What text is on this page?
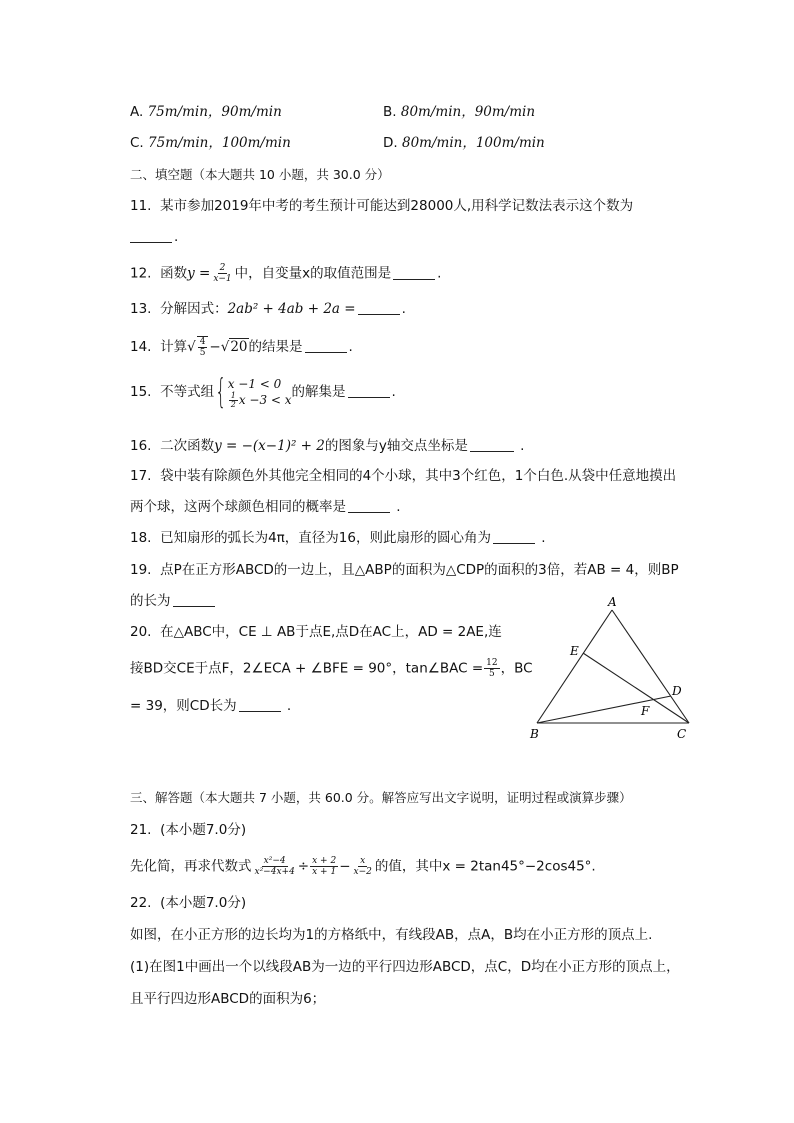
A. 75m/min，90m/min	B. 80m/min，90m/min
C. 75m/min，100m/min	D. 80m/min，100m/min
二、填空题（本大题共 10 小题，共 30.0 分）
11. 某市参加2019年中考的考生预计可能达到28000人,用科学记数法表示这个数为
.
12. 函数$y = \frac{2}{x-1}$ 中，自变量x的取值范围是	.
13. 分解因式：2ab² + 4ab + 2a =	.
14. 计算√ $\frac{4}{5} -√20$的结果是	.
15. 不等式组 { x −1 < 0
$\frac{1}{2}$ x −3 < x 的解集是	.
16. 二次函数y = −(x−1)² + 2的图象与y轴交点坐标是	.
17. 袋中装有除颜色外其他完全相同的4个小球，其中3个红色，1个白色.从袋中任意地摸出
两个球，这两个球颜色相同的概率是	.
18. 已知扇形的弧长为4π，直径为16，则此扇形的圆心角为	.
19. 点P在正方形ABCD的一边上，且△ABP的面积为△CDP的面积的3倍，若AB = 4，则BP
的长为
20. 在△ABC中，CE ⊥ AB于点E,点D在AC上，AD = 2AE,连
接BD交CE于点F，2∠ECA + ∠BFE = 90°，tan∠BAC = $\frac{12}{5}$ ，BC
= 39，则CD长为	.
A
E
D
F
B	C
三、解答题（本大题共 7 小题，共 60.0 分。解答应写出文字说明，证明过程或演算步骤）
21. (本小题7.0分)
先化简，再求代数式 $\frac{\text{x²−4}}{\text{x²−4x+4}} \div \frac{x + 2}{x + 1} - \frac{x}{x-2}$ 的值，其中x = 2tan45°−2cos45°.
22. (本小题7.0分)
如图，在小正方形的边长均为1的方格纸中，有线段AB，点A，B均在小正方形的顶点上.
(1)在图1中画出一个以线段AB为一边的平行四边形ABCD，点C，D均在小正方形的顶点上，
且平行四边形ABCD的面积为6；
